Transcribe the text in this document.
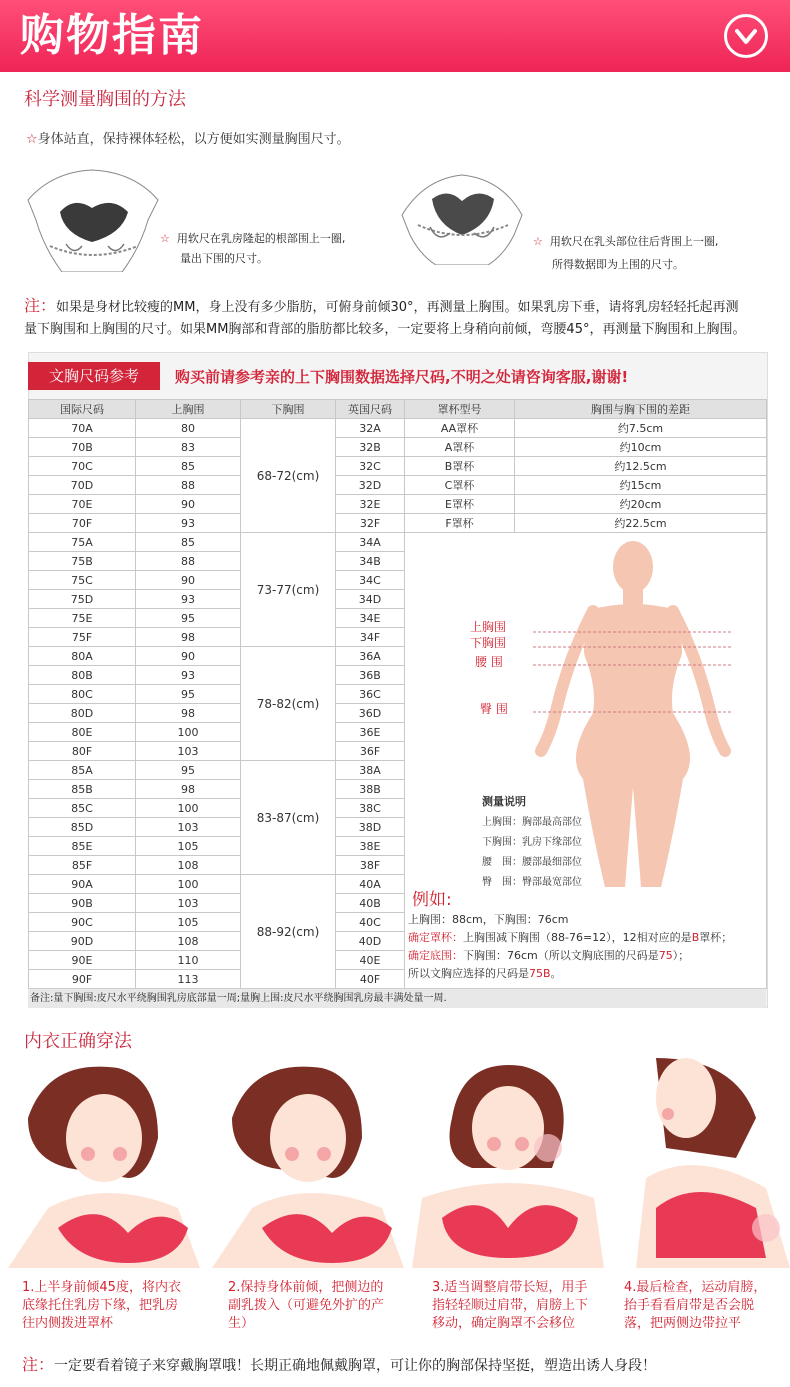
购物指南
科学测量胸围的方法
☆身体站直，保持裸体轻松，以方便如实测量胸围尺寸。
☆ 用软尺在乳房隆起的根部围上一圈,
量出下围的尺寸。
☆ 用软尺在乳头部位往后背围上一圈,
所得数据即为上围的尺寸。
注：如果是身材比较瘦的MM，身上没有多少脂肪，可俯身前倾30°，再测量上胸围。如果乳房下垂，请将乳房轻轻托起再测
量下胸围和上胸围的尺寸。如果MM胸部和背部的脂肪都比较多，一定要将上身稍向前倾，弯腰45°，再测量下胸围和上胸围。
文胸尺码参考	购买前请参考亲的上下胸围数据选择尺码,不明之处请咨询客服,谢谢!
国际尺码	上胸围	下胸围	英国尺码	罩杯型号	胸围与胸下围的差距
70A	80	68-72(cm)	32A	AA罩杯	约7.5cm
70B	83		32B	A罩杯	约10cm
70C	85		32C	B罩杯	约12.5cm
70D	88		32D	C罩杯	约15cm
70E	90		32E	E罩杯	约20cm
70F	93		32F	F罩杯	约22.5cm
75A	85	73-77(cm)	34A		
75B	88		34B		
75C	90		34C		
75D	93		34D		
75E	95		34E		
75F	98		34F		
80A	90	78-82(cm)	36A		
80B	93		36B		
80C	95		36C		
80D	98		36D		
80E	100		36E		
80F	103		36F		
85A	95	83-87(cm)	38A		
85B	98		38B		
85C	100		38C		
85D	103		38D		
85E	105		38E		
85F	108		38F		
90A	100	88-92(cm)	40A		
90B	103		40B		
90C	105		40C		
90D	108		40D		
90E	110		40E		
90F	113		40F		
上胸围
下胸围
腰 围
臀 围
测量说明
上胸围：胸部最高部位
下胸围：乳房下缘部位
腰　围：腰部最细部位
臀　围：臀部最宽部位
例如:
上胸围：88cm，下胸围：76cm
确定罩杯：上胸围减下胸围（88-76=12），12相对应的是B罩杯；
确定底围：下胸围：76cm（所以文胸底围的尺码是75）；
所以文胸应选择的尺码是75B。
备注:量下胸围:皮尺水平绕胸围乳房底部量一周;量胸上围:皮尺水平绕胸围乳房最丰满处量一周.
内衣正确穿法
1.上半身前倾45度，将内衣
底缘托住乳房下缘，把乳房
往内侧拨进罩杯
2.保持身体前倾，把侧边的
副乳拨入（可避免外扩的产
生）
3.适当调整肩带长短，用手
指轻轻顺过肩带，肩膀上下
移动，确定胸罩不会移位
4.最后检查，运动肩膀，
抬手看看肩带是否会脱
落，把两侧边带拉平
注：一定要看着镜子来穿戴胸罩哦！长期正确地佩戴胸罩，可让你的胸部保持坚挺，塑造出诱人身段！
